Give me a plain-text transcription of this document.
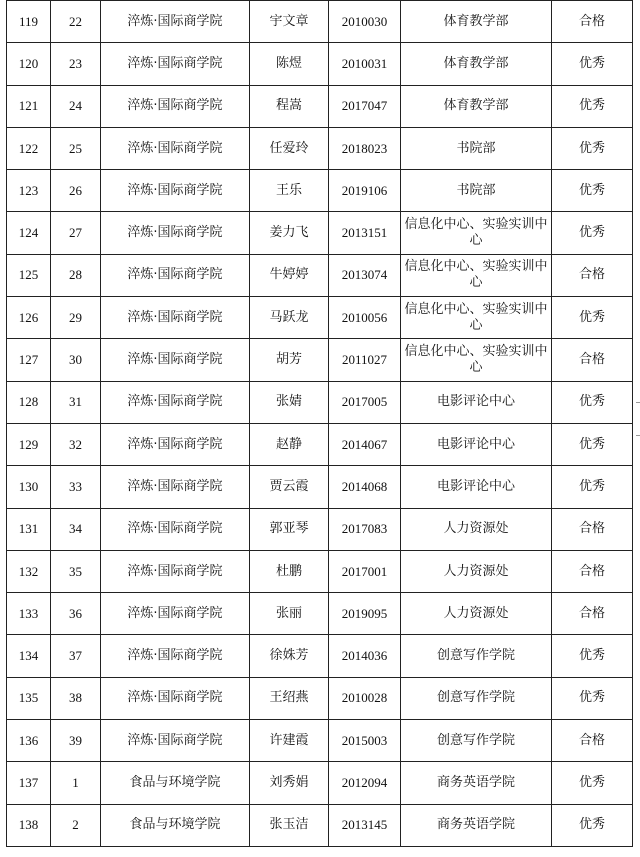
119	22	淬炼·国际商学院	宇文章	2010030	体育教学部	合格
120	23	淬炼·国际商学院	陈煜	2010031	体育教学部	优秀
121	24	淬炼·国际商学院	程嵩	2017047	体育教学部	优秀
122	25	淬炼·国际商学院	任爱玲	2018023	书院部	优秀
123	26	淬炼·国际商学院	王乐	2019106	书院部	优秀
124	27	淬炼·国际商学院	姜力飞	2013151	信息化中心、实验实训中心	优秀
125	28	淬炼·国际商学院	牛婷婷	2013074	信息化中心、实验实训中心	合格
126	29	淬炼·国际商学院	马跃龙	2010056	信息化中心、实验实训中心	优秀
127	30	淬炼·国际商学院	胡芳	2011027	信息化中心、实验实训中心	合格
128	31	淬炼·国际商学院	张婧	2017005	电影评论中心	优秀
129	32	淬炼·国际商学院	赵静	2014067	电影评论中心	优秀
130	33	淬炼·国际商学院	贾云霞	2014068	电影评论中心	优秀
131	34	淬炼·国际商学院	郭亚琴	2017083	人力资源处	合格
132	35	淬炼·国际商学院	杜鹏	2017001	人力资源处	合格
133	36	淬炼·国际商学院	张丽	2019095	人力资源处	合格
134	37	淬炼·国际商学院	徐姝芳	2014036	创意写作学院	优秀
135	38	淬炼·国际商学院	王绍燕	2010028	创意写作学院	优秀
136	39	淬炼·国际商学院	许建霞	2015003	创意写作学院	合格
137	1	食品与环境学院	刘秀娟	2012094	商务英语学院	优秀
138	2	食品与环境学院	张玉洁	2013145	商务英语学院	优秀
